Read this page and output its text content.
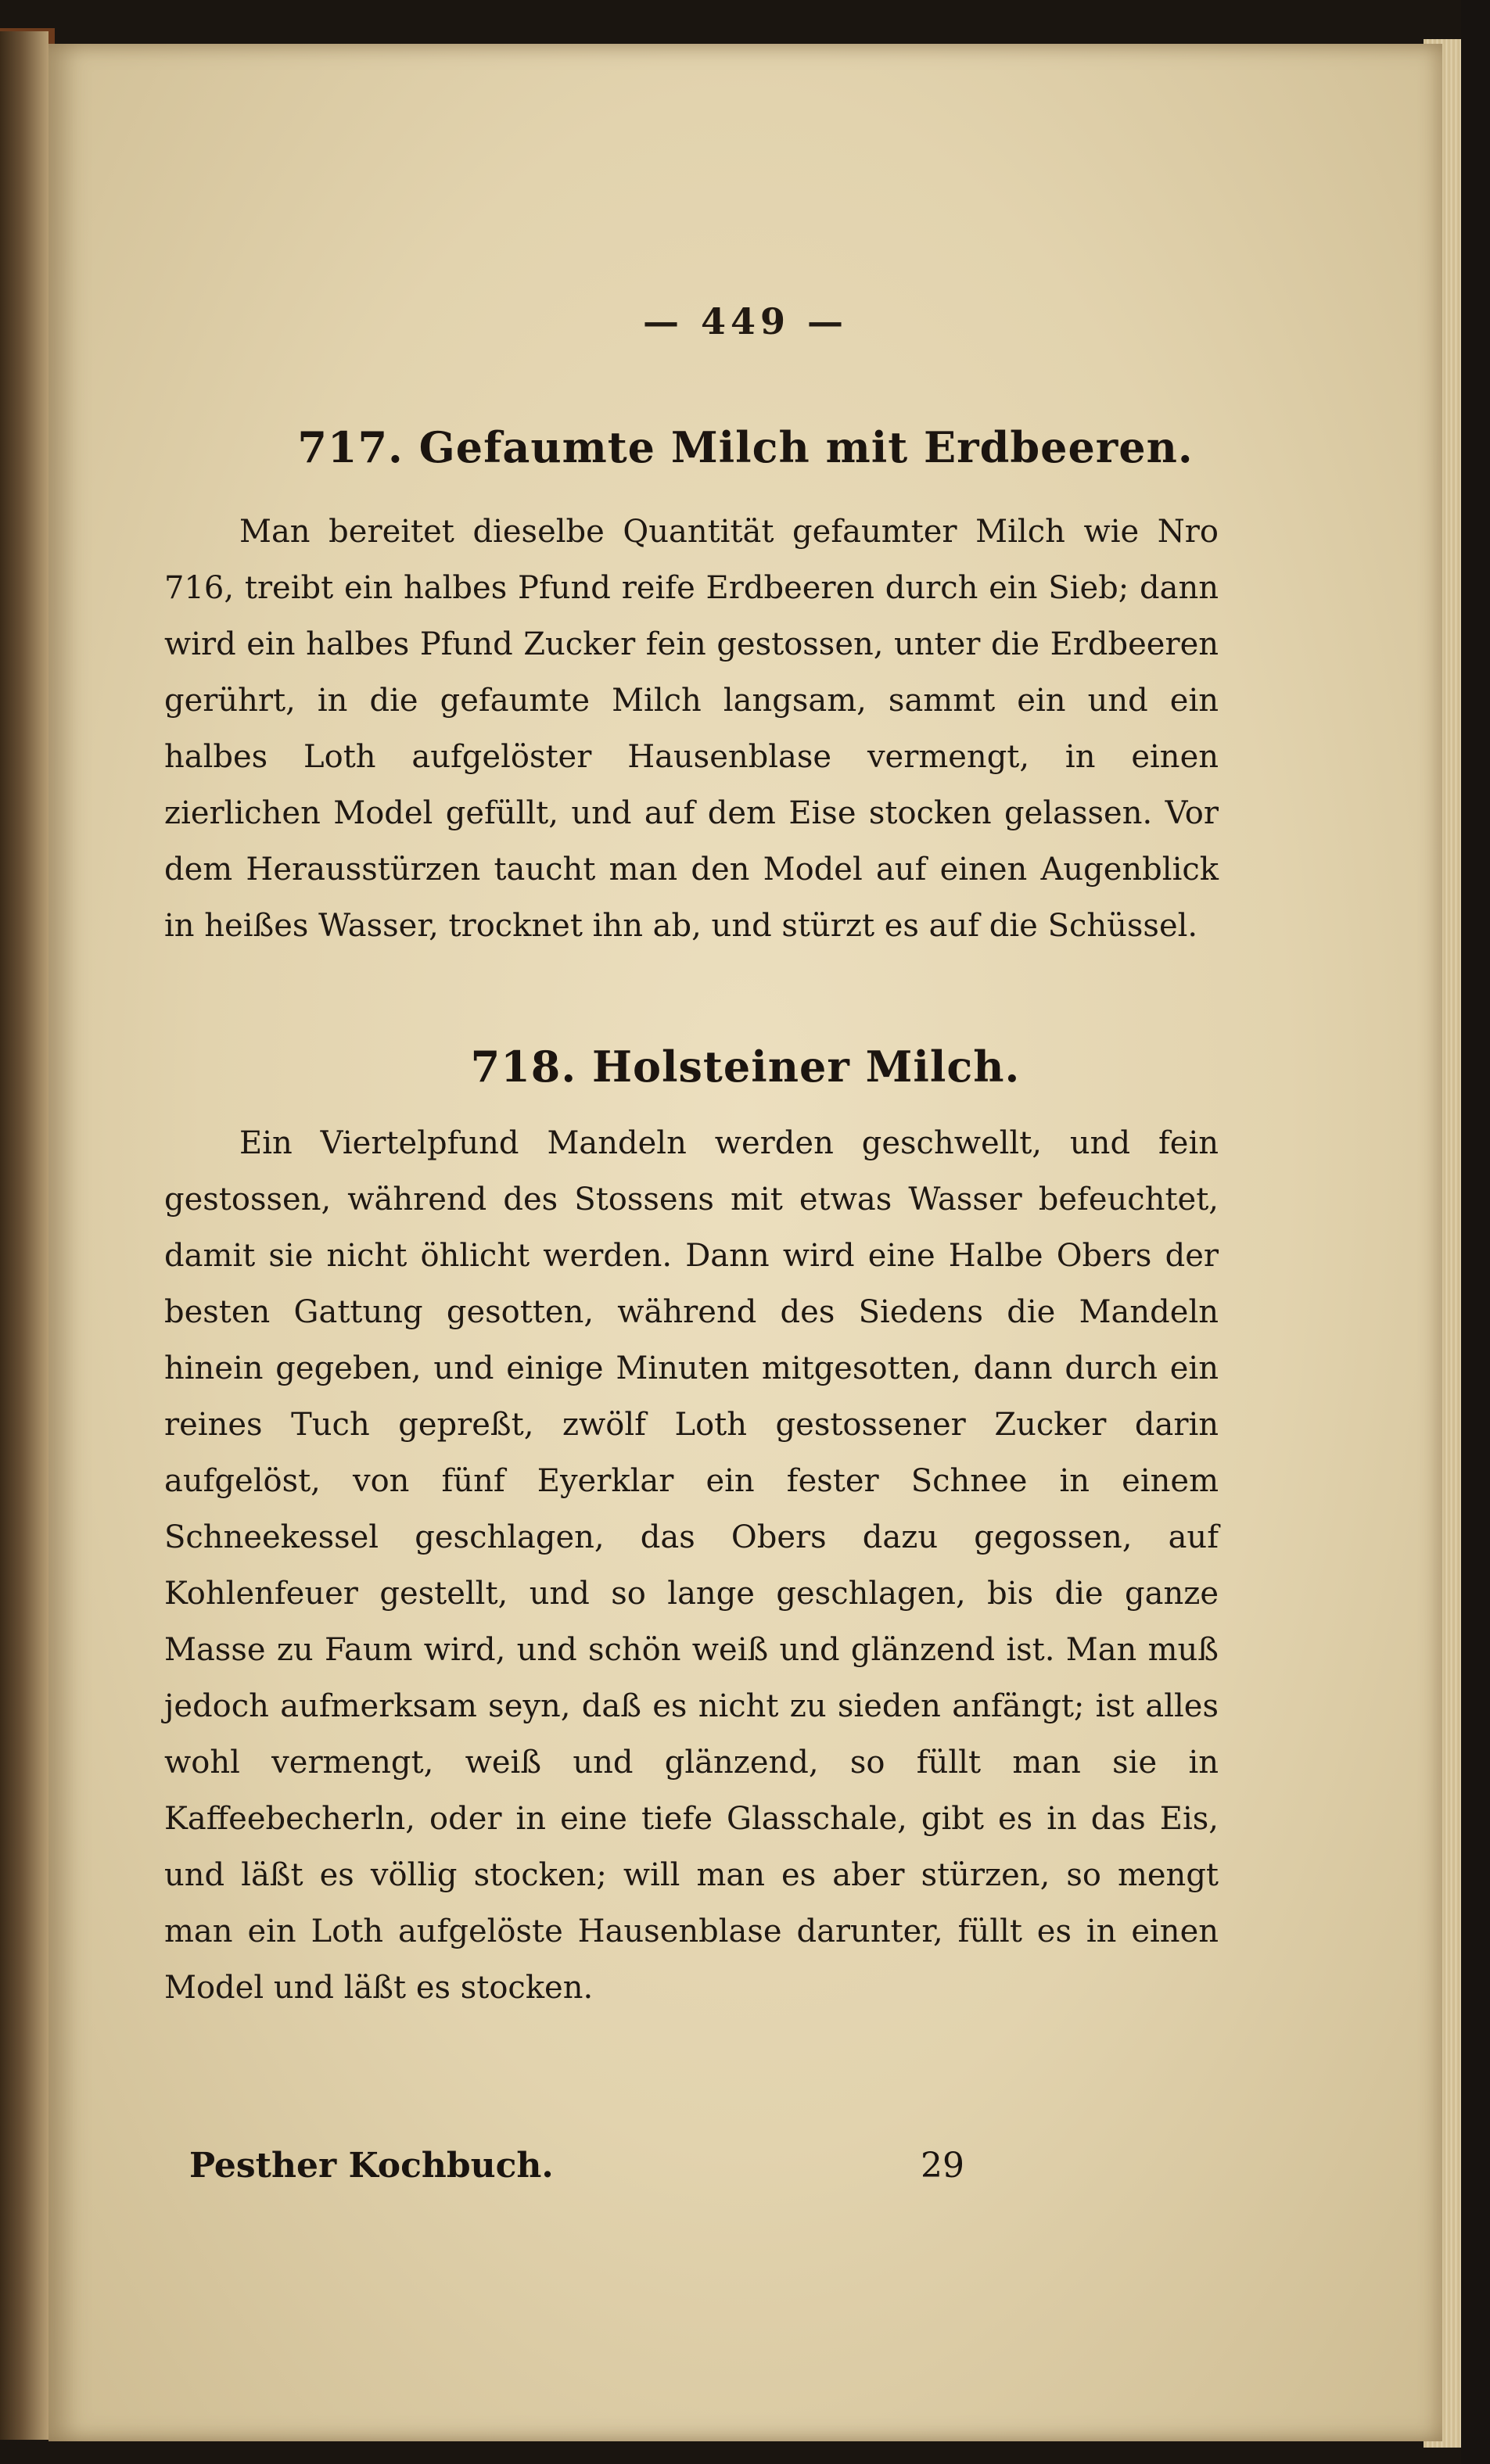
— 449 —
717. Gefaumte Milch mit Erdbeeren.
Man bereitet dieselbe Quantität gefaumter Milch wie Nro 716, treibt ein halbes Pfund reife Erdbeeren durch ein Sieb; dann wird ein halbes Pfund Zucker fein gestossen, unter die Erdbeeren gerührt, in die gefaumte Milch langsam, sammt ein und ein halbes Loth aufgelöster Hausenblase vermengt, in einen zierlichen Model gefüllt, und auf dem Eise stocken gelassen. Vor dem Herausstürzen taucht man den Model auf einen Augenblick in heißes Wasser, trocknet ihn ab, und stürzt es auf die Schüssel.
718. Holsteiner Milch.
Ein Viertelpfund Mandeln werden geschwellt, und fein gestossen, während des Stossens mit etwas Wasser befeuchtet, damit sie nicht öhlicht werden. Dann wird eine Halbe Obers der besten Gattung gesotten, während des Siedens die Mandeln hinein gegeben, und einige Minuten mitgesotten, dann durch ein reines Tuch gepreßt, zwölf Loth gestossener Zucker darin aufgelöst, von fünf Eyerklar ein fester Schnee in einem Schneekessel geschlagen, das Obers dazu gegossen, auf Kohlenfeuer gestellt, und so lange geschlagen, bis die ganze Masse zu Faum wird, und schön weiß und glänzend ist. Man muß jedoch aufmerksam seyn, daß es nicht zu sieden anfängt; ist alles wohl vermengt, weiß und glänzend, so füllt man sie in Kaffeebecherln, oder in eine tiefe Glasschale, gibt es in das Eis, und läßt es völlig stocken; will man es aber stürzen, so mengt man ein Loth aufgelöste Hausenblase darunter, füllt es in einen Model und läßt es stocken.
Pesther Kochbuch.	29
